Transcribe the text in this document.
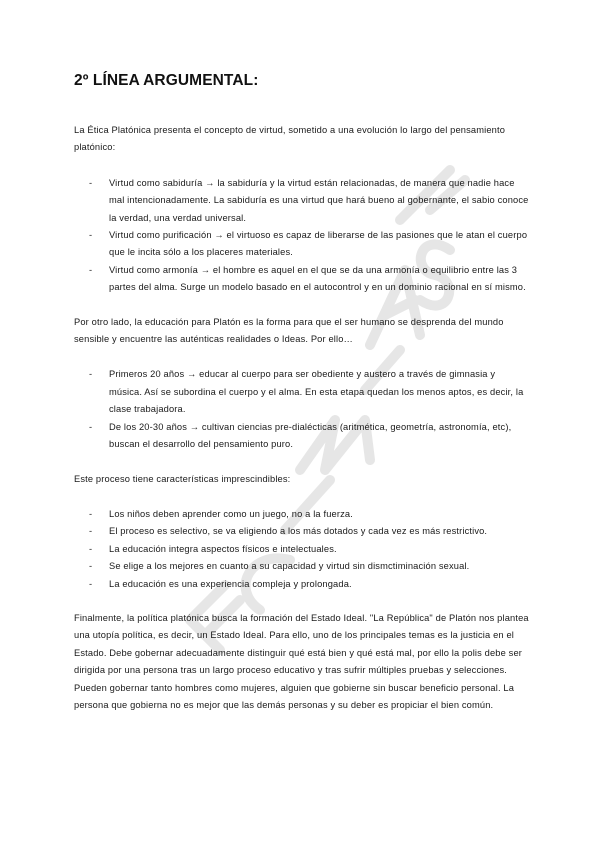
2º LÍNEA ARGUMENTAL:

La Ética Platónica presenta el concepto de virtud, sometido a una evolución lo largo del pensamiento platónico:

- Virtud como sabiduría → la sabiduría y la virtud están relacionadas, de manera que nadie hace mal intencionadamente. La sabiduría es una virtud que hará bueno al gobernante, el sabio conoce la verdad, una verdad universal.
- Virtud como purificación → el virtuoso es capaz de liberarse de las pasiones que le atan el cuerpo que le incita sólo a los placeres materiales.
- Virtud como armonía → el hombre es aquel en el que se da una armonía o equilibrio entre las 3 partes del alma. Surge un modelo basado en el autocontrol y en un dominio racional en sí mismo.

Por otro lado, la educación para Platón es la forma para que el ser humano se desprenda del mundo sensible y encuentre las auténticas realidades o Ideas. Por ello…

- Primeros 20 años → educar al cuerpo para ser obediente y austero a través de gimnasia y música. Así se subordina el cuerpo y el alma. En esta etapa quedan los menos aptos, es decir, la clase trabajadora.
- De los 20-30 años → cultivan ciencias pre-dialécticas (aritmética, geometría, astronomía, etc), buscan el desarrollo del pensamiento puro.

Este proceso tiene características imprescindibles:

- Los niños deben aprender como un juego, no a la fuerza.
- El proceso es selectivo, se va eligiendo a los más dotados y cada vez es más restrictivo.
- La educación integra aspectos físicos e intelectuales.
- Se elige a los mejores en cuanto a su capacidad y virtud sin dismctiminación sexual.
- La educación es una experiencia compleja y prolongada.

Finalmente, la política platónica busca la formación del Estado Ideal. "La República" de Platón nos plantea una utopía política, es decir, un Estado Ideal. Para ello, uno de los principales temas es la justicia en el Estado. Debe gobernar adecuadamente distinguir qué está bien y qué está mal, por ello la polis debe ser dirigida por una persona tras un largo proceso educativo y tras sufrir múltiples pruebas y selecciones. Pueden gobernar tanto hombres como mujeres, alguien que gobierne sin buscar beneficio personal. La persona que gobierna no es mejor que las demás personas y su deber es propiciar el bien común.
